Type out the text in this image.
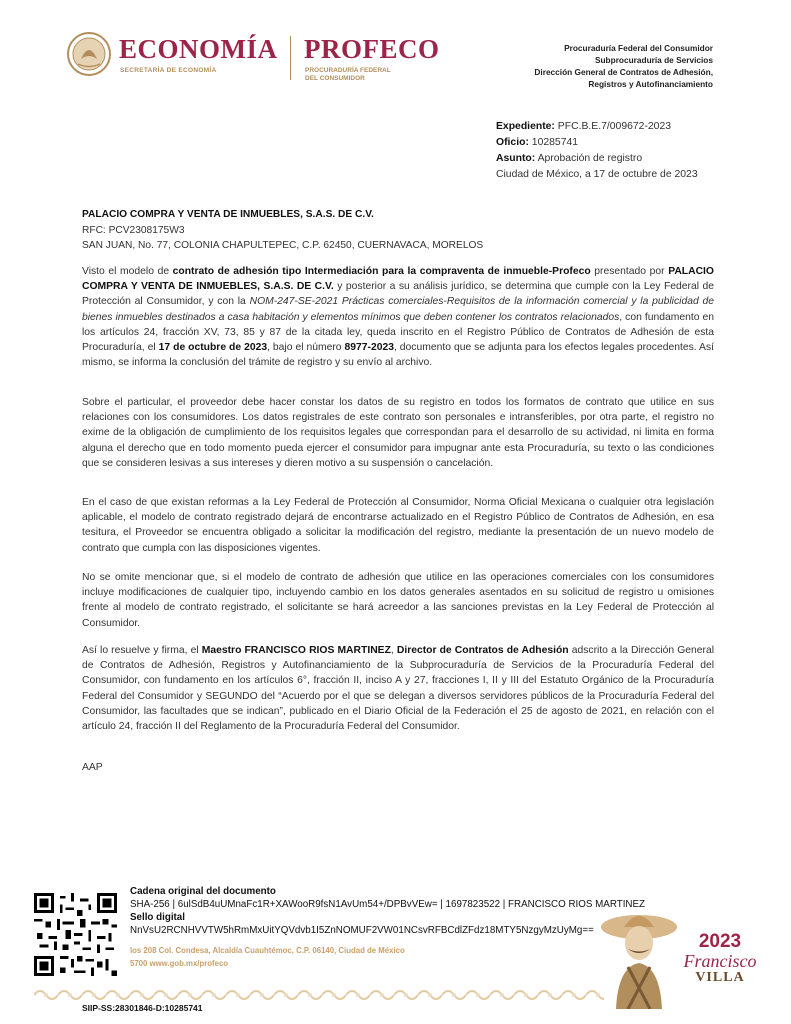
ECONOMÍA
SECRETARÍA DE ECONOMÍA
PROFECO
PROCURADURÍA FEDERAL
DEL CONSUMIDOR
Procuraduría Federal del Consumidor
Subprocuraduría de Servicios
Dirección General de Contratos de Adhesión,
Registros y Autofinanciamiento
Expediente: PFC.B.E.7/009672-2023
Oficio: 10285741
Asunto: Aprobación de registro
Ciudad de México, a 17 de octubre de 2023
PALACIO COMPRA Y VENTA DE INMUEBLES, S.A.S. DE C.V.
RFC: PCV2308175W3
SAN JUAN, No. 77, COLONIA CHAPULTEPEC, C.P. 62450, CUERNAVACA, MORELOS
Visto el modelo de contrato de adhesión tipo Intermediación para la compraventa de inmueble-Profeco presentado por PALACIO COMPRA Y VENTA DE INMUEBLES, S.A.S. DE C.V. y posterior a su análisis jurídico, se determina que cumple con la Ley Federal de Protección al Consumidor, y con la NOM-247-SE-2021 Prácticas comerciales-Requisitos de la información comercial y la publicidad de bienes inmuebles destinados a casa habitación y elementos mínimos que deben contener los contratos relacionados, con fundamento en los artículos 24, fracción XV, 73, 85 y 87 de la citada ley, queda inscrito en el Registro Público de Contratos de Adhesión de esta Procuraduría, el 17 de octubre de 2023, bajo el número 8977-2023, documento que se adjunta para los efectos legales procedentes. Así mismo, se informa la conclusión del trámite de registro y su envío al archivo.
Sobre el particular, el proveedor debe hacer constar los datos de su registro en todos los formatos de contrato que utilice en sus relaciones con los consumidores. Los datos registrales de este contrato son personales e intransferibles, por otra parte, el registro no exime de la obligación de cumplimiento de los requisitos legales que correspondan para el desarrollo de su actividad, ni limita en forma alguna el derecho que en todo momento pueda ejercer el consumidor para impugnar ante esta Procuraduría, su texto o las condiciones que se consideren lesivas a sus intereses y dieren motivo a su suspensión o cancelación.
En el caso de que existan reformas a la Ley Federal de Protección al Consumidor, Norma Oficial Mexicana o cualquier otra legislación aplicable, el modelo de contrato registrado dejará de encontrarse actualizado en el Registro Público de Contratos de Adhesión, en esa tesitura, el Proveedor se encuentra obligado a solicitar la modificación del registro, mediante la presentación de un nuevo modelo de contrato que cumpla con las disposiciones vigentes.
No se omite mencionar que, si el modelo de contrato de adhesión que utilice en las operaciones comerciales con los consumidores incluye modificaciones de cualquier tipo, incluyendo cambio en los datos generales asentados en su solicitud de registro u omisiones frente al modelo de contrato registrado, el solicitante se hará acreedor a las sanciones previstas en la Ley Federal de Protección al Consumidor.
Así lo resuelve y firma, el Maestro FRANCISCO RIOS MARTINEZ, Director de Contratos de Adhesión adscrito a la Dirección General de Contratos de Adhesión, Registros y Autofinanciamiento de la Subprocuraduría de Servicios de la Procuraduría Federal del Consumidor, con fundamento en los artículos 6°, fracción II, inciso A y 27, fracciones I, II y III del Estatuto Orgánico de la Procuraduría Federal del Consumidor y SEGUNDO del “Acuerdo por el que se delegan a diversos servidores públicos de la Procuraduría Federal del Consumidor, las facultades que se indican”, publicado en el Diario Oficial de la Federación el 25 de agosto de 2021, en relación con el artículo 24, fracción II del Reglamento de la Procuraduría Federal del Consumidor.
AAP
Cadena original del documento
SHA-256 | 6ulSdB4uUMnaFc1R+XAWooR9fsN1AvUm54+/DPBvVEw= | 1697823522 | FRANCISCO RIOS MARTINEZ
Sello digital
NnVsU2RCNHVVTW5hRmMxUitYQVdvb1I5ZnNOMUF2VW01NCsvRFBCdlZFdz18MTY5NzgyMzUyMg==
los 208 Col. Condesa, Alcaldía Cuauhtémoc, C.P. 06140, Ciudad de México
5700 www.gob.mx/profeco
2023
Francisco
VILLA
SIIP-SS:28301846-D:10285741
